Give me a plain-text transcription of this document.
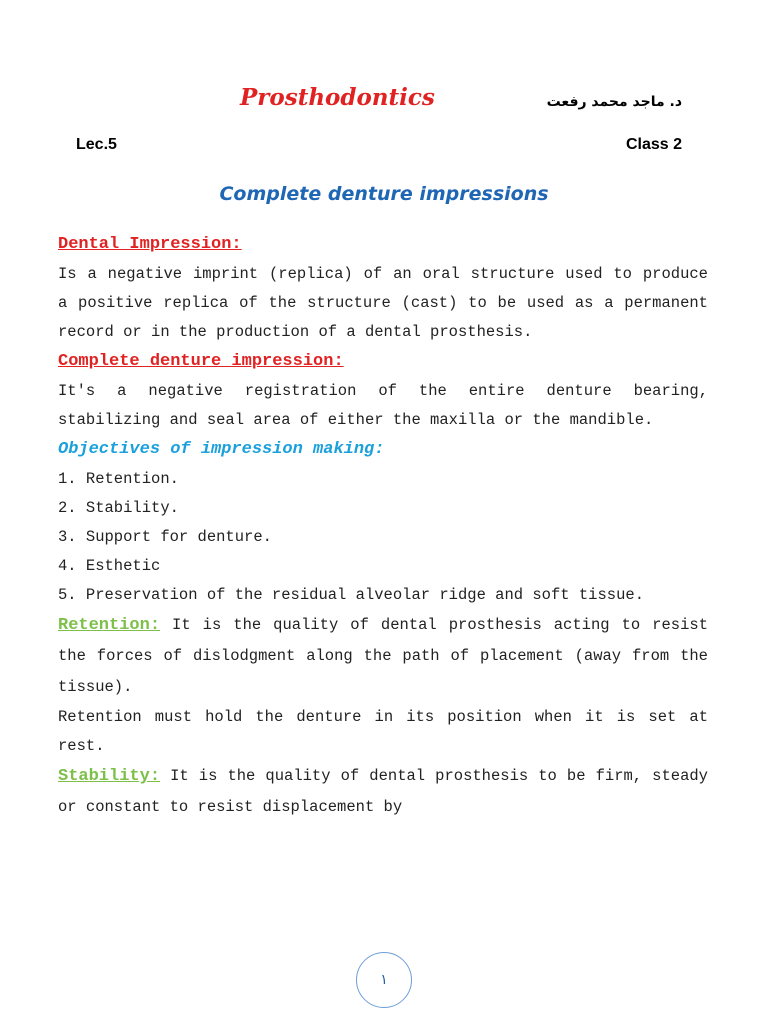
Prosthodontics	د. ماجد محمد رفعت
Lec.5	Class 2
Complete denture impressions
Dental Impression:
Is a negative imprint (replica) of an oral structure used to produce a positive replica of the structure (cast) to be used as a permanent record or in the production of a dental prosthesis.
Complete denture impression:
It's a negative registration of the entire denture bearing, stabilizing and seal area of either the maxilla or the mandible.
Objectives of impression making:
1. Retention.
2. Stability.
3. Support for denture.
4. Esthetic
5. Preservation of the residual alveolar ridge and soft tissue.
Retention: It is the quality of dental prosthesis acting to resist the forces of dislodgment along the path of placement (away from the tissue).
Retention must hold the denture in its position when it is set at rest.
Stability: It is the quality of dental prosthesis to be firm, steady or constant to resist displacement by
١
